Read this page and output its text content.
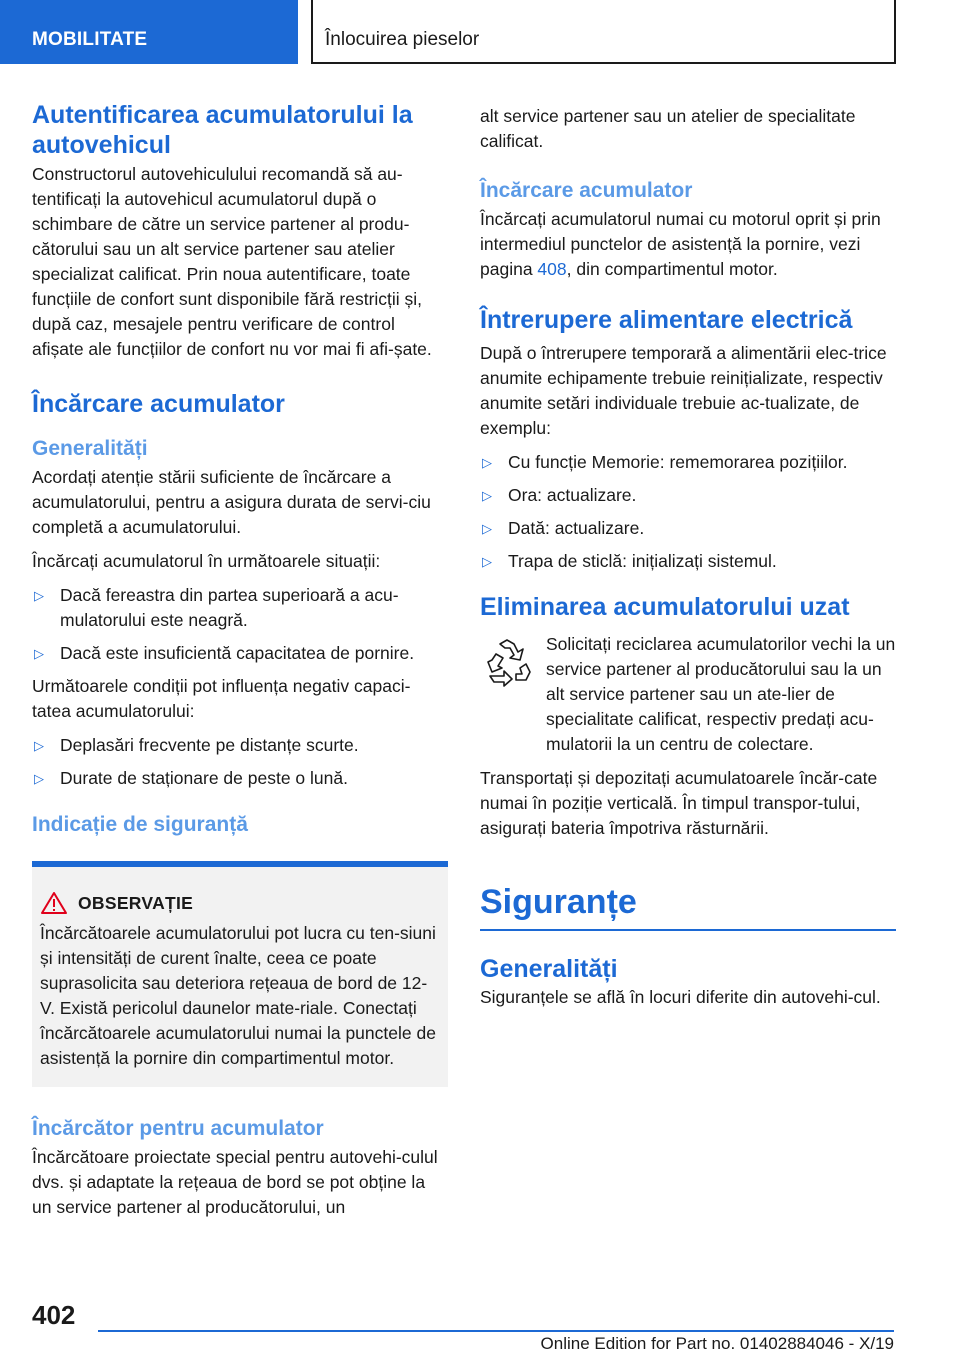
MOBILITATE	Înlocuirea pieselor
Autentificarea acumulatorului la autovehicul

Constructorul autovehiculului recomandă să au-tentificați la autovehicul acumulatorul după o schimbare de către un service partener al produ-cătorului sau un alt service partener sau atelier specializat calificat. Prin noua autentificare, toate funcțiile de confort sunt disponibile fără restricții și, după caz, mesajele pentru verificare de control afișate ale funcțiilor de confort nu vor mai fi afi-șate.

Încărcare acumulator
Generalități

Acordați atenție stării suficiente de încărcare a acumulatorului, pentru a asigura durata de servi-ciu completă a acumulatorului.

Încărcați acumulatorul în următoarele situații:

▷ Dacă fereastra din partea superioară a acu-mulatorului este neagră.
▷ Dacă este insuficientă capacitatea de pornire.

Următoarele condiții pot influența negativ capaci-tatea acumulatorului:

▷ Deplasări frecvente pe distanțe scurte.
▷ Durate de staționare de peste o lună.
Indicație de siguranță
OBSERVAȚIE

Încărcătoarele acumulatorului pot lucra cu ten-siuni și intensități de curent înalte, ceea ce poate suprasolicita sau deteriora rețeaua de bord de 12-V. Există pericolul daunelor mate-riale. Conectați încărcătoarele acumulatorului numai la punctele de asistență la pornire din compartimentul motor.

Încărcător pentru acumulator

Încărcătoare proiectate special pentru autovehi-culul dvs. și adaptate la rețeaua de bord se pot obține la un service partener al producătorului, un

alt service partener sau un atelier de specialitate calificat.

Încărcare acumulator

Încărcați acumulatorul numai cu motorul oprit și prin intermediul punctelor de asistență la pornire, vezi pagina 408, din compartimentul motor.

Întrerupere alimentare electrică

După o întrerupere temporară a alimentării elec-trice anumite echipamente trebuie reinițializate, respectiv anumite setări individuale trebuie ac-tualizate, de exemplu:

▷ Cu funcție Memorie: rememorarea pozițiilor.
▷ Ora: actualizare.
▷ Dată: actualizare.
▷ Trapa de sticlă: inițializați sistemul.
Eliminarea acumulatorului uzat

Solicitați reciclarea acumulatorilor vechi la un service partener al producătorului sau la un alt service partener sau un ate-lier de specialitate calificat, respectiv predați acu-mulatorii la un centru de colectare.

Transportați și depozitați acumulatoarele încăr-cate numai în poziție verticală. În timpul transpor-tului, asigurați bateria împotriva răsturnării.

Siguranțe
Generalități

Siguranțele se află în locuri diferite din autovehi-cul.

402
Online Edition for Part no. 01402884046 - X/19
